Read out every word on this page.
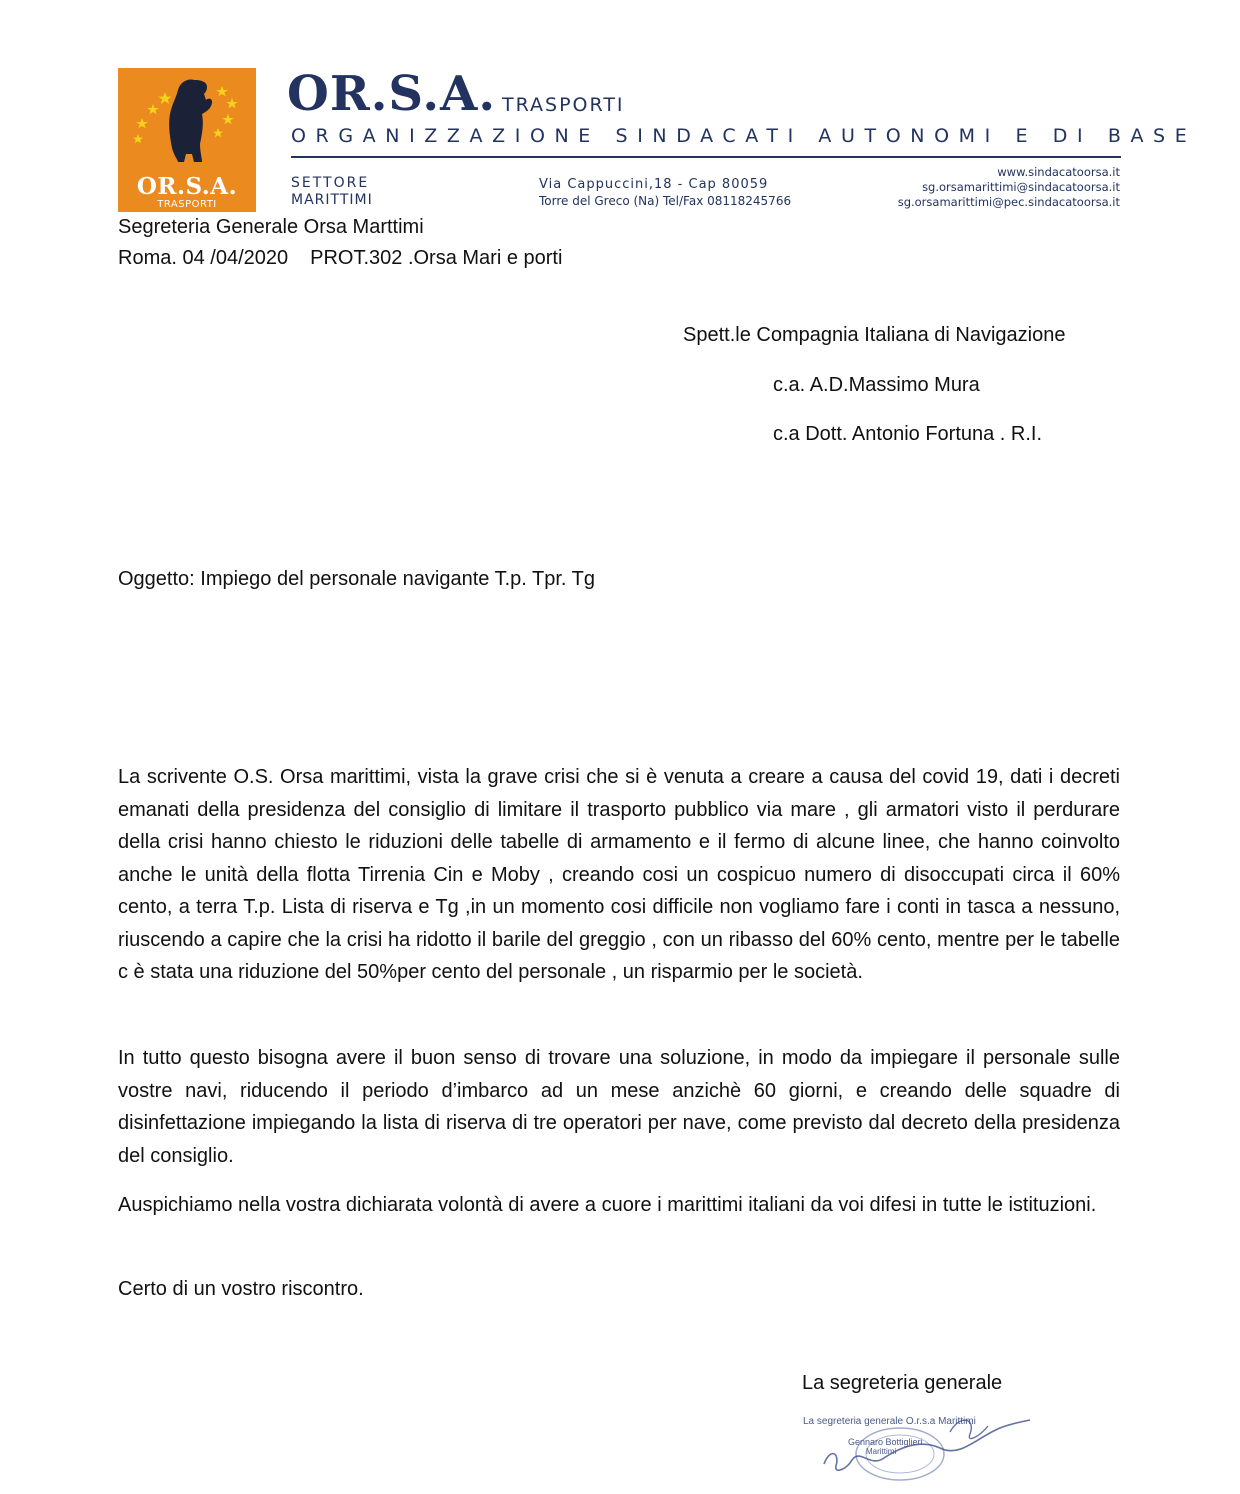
OR.S.A.
TRASPORTI
OR.S.A. TRASPORTI
ORGANIZZAZIONE SINDACATI AUTONOMI E DI BASE
SETTORE
MARITTIMI
Via Cappuccini,18 - Cap 80059
Torre del Greco (Na) Tel/Fax 08118245766
www.sindacatoorsa.it
sg.orsamarittimi@sindacatoorsa.it
sg.orsamarittimi@pec.sindacatoorsa.it
Segreteria Generale Orsa Marttimi
Roma. 04 /04/2020 PROT.302 .Orsa Mari e porti
Spett.le Compagnia Italiana di Navigazione
c.a. A.D.Massimo Mura
c.a Dott. Antonio Fortuna . R.I.
Oggetto: Impiego del personale navigante T.p. Tpr. Tg

La scrivente O.S. Orsa marittimi, vista la grave crisi che si è venuta a creare a causa del covid 19, dati i decreti emanati della presidenza del consiglio di limitare il trasporto pubblico via mare , gli armatori visto il perdurare della crisi hanno chiesto le riduzioni delle tabelle di armamento e il fermo di alcune linee, che hanno coinvolto anche le unità della flotta Tirrenia Cin e Moby , creando cosi un cospicuo numero di disoccupati circa il 60% cento, a terra T.p. Lista di riserva e Tg ,in un momento cosi difficile non vogliamo fare i conti in tasca a nessuno, riuscendo a capire che la crisi ha ridotto il barile del greggio , con un ribasso del 60% cento, mentre per le tabelle c è stata una riduzione del 50%per cento del personale , un risparmio per le società.

In tutto questo bisogna avere il buon senso di trovare una soluzione, in modo da impiegare il personale sulle vostre navi, riducendo il periodo d’imbarco ad un mese anzichè 60 giorni, e creando delle squadre di disinfettazione impiegando la lista di riserva di tre operatori per nave, come previsto dal decreto della presidenza del consiglio.

Auspichiamo nella vostra dichiarata volontà di avere a cuore i marittimi italiani da voi difesi in tutte le istituzioni.

Certo di un vostro riscontro.

La segreteria generale
La segreteria generale O.r.s.a Marittimi
Gennaro Bottiglieri
Marittimi
